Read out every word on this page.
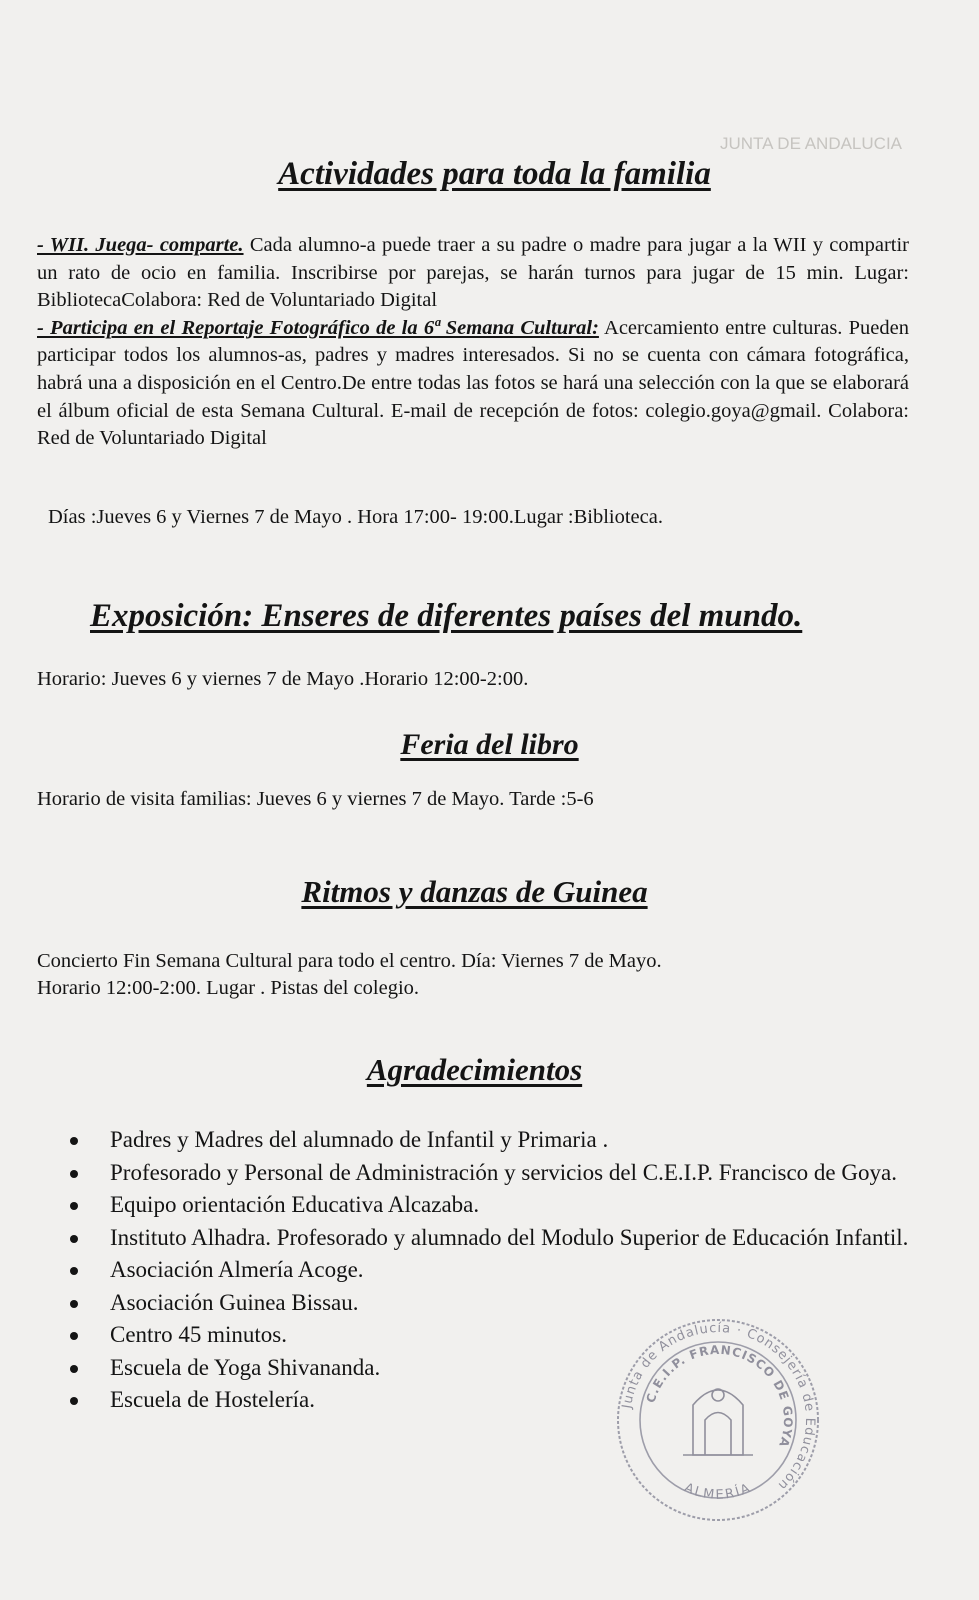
JUNTA DE ANDALUCIA
Actividades para toda la familia
- WII. Juega- comparte. Cada alumno-a puede traer a su padre o madre para jugar a la WII y compartir un rato de ocio en familia. Inscribirse por parejas, se harán turnos para jugar de 15 min. Lugar: BibliotecaColabora: Red de Voluntariado Digital
- Participa en el Reportaje Fotográfico de la 6ª Semana Cultural: Acercamiento entre culturas. Pueden participar todos los alumnos-as, padres y madres interesados. Si no se cuenta con cámara fotográfica, habrá una a disposición en el Centro.De entre todas las fotos se hará una selección con la que se elaborará el álbum oficial de esta Semana Cultural. E-mail de recepción de fotos: colegio.goya@gmail. Colabora: Red de Voluntariado Digital
Días :Jueves 6 y Viernes 7 de Mayo . Hora 17:00- 19:00.Lugar :Biblioteca.
Exposición: Enseres de diferentes países del mundo.
Horario: Jueves 6 y viernes 7 de Mayo .Horario 12:00-2:00.
Feria del libro
Horario de visita familias: Jueves 6 y viernes 7 de Mayo. Tarde :5-6
Ritmos y danzas de Guinea
Concierto Fin Semana Cultural para todo el centro. Día: Viernes 7 de Mayo.
Horario 12:00-2:00. Lugar . Pistas del colegio.
Agradecimientos
Padres y Madres del alumnado de Infantil y Primaria .
Profesorado y Personal de Administración y servicios del C.E.I.P. Francisco de Goya.
Equipo orientación Educativa Alcazaba.
Instituto Alhadra. Profesorado y alumnado del Modulo Superior de Educación Infantil.
Asociación Almería Acoge.
Asociación Guinea Bissau.
Centro 45 minutos.
Escuela de Yoga Shivananda.
Escuela de Hostelería.	Junta de Andalucía · Consejería de Educación
C.E.I.P. FRANCISCO DE GOYA
ALMERÍA
